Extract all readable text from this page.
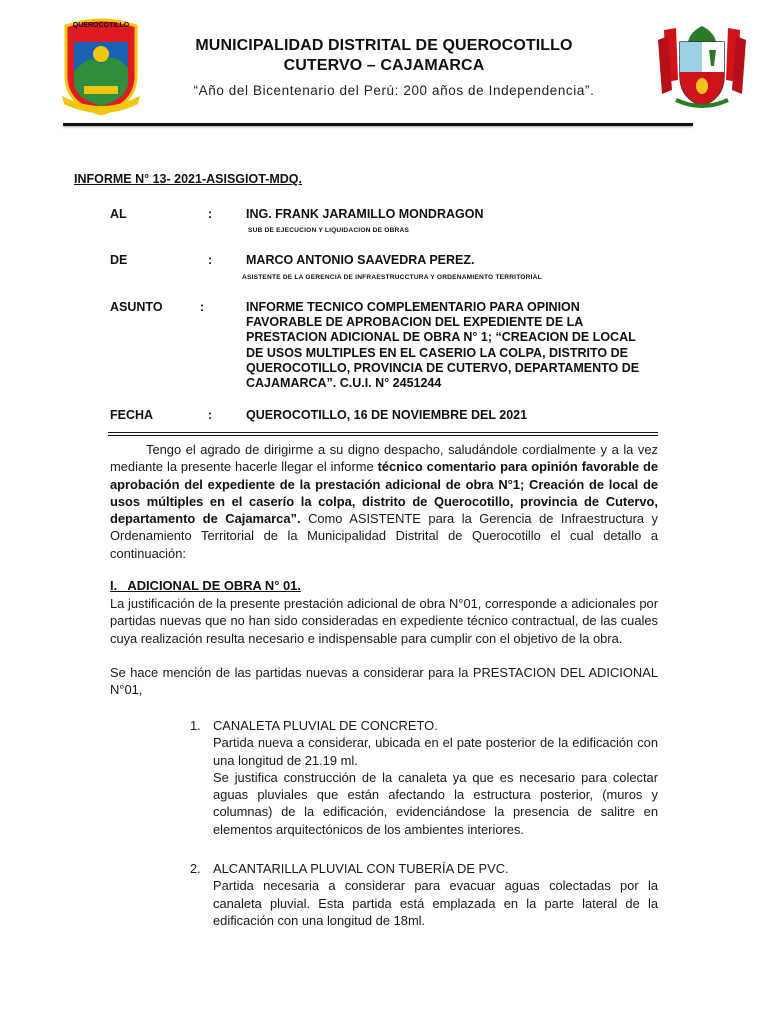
QUEROCOTILLO
MUNICIPALIDAD DISTRITAL DE QUEROCOTILLO
CUTERVO – CAJAMARCA
“Año del Bicentenario del Perú: 200 años de Independencia”.
INFORME N° 13- 2021-ASISGIOT-MDQ.
AL	:	ING. FRANK JARAMILLO MONDRAGON
SUB DE EJECUCION Y LIQUIDACION DE OBRAS
DE	:	MARCO ANTONIO SAAVEDRA PEREZ.
ASISTENTE DE LA GERENCIA DE INFRAESTRUCCTURA Y ORDENAMIENTO TERRITORIAL
ASUNTO	:	INFORME TECNICO COMPLEMENTARIO PARA OPINION FAVORABLE DE APROBACION DEL EXPEDIENTE DE LA PRESTACION ADICIONAL DE OBRA N° 1; “CREACION DE LOCAL DE USOS MULTIPLES EN EL CASERIO LA COLPA, DISTRITO DE QUEROCOTILLO, PROVINCIA DE CUTERVO, DEPARTAMENTO DE CAJAMARCA”. C.U.I. N° 2451244
FECHA	:	QUEROCOTILLO, 16 DE NOVIEMBRE DEL 2021
Tengo el agrado de dirigirme a su digno despacho, saludándole cordialmente y a la vez mediante la presente hacerle llegar el informe técnico comentario para opinión favorable de aprobación del expediente de la prestación adicional de obra N°1; Creación de local de usos múltiples en el caserío la colpa, distrito de Querocotillo, provincia de Cutervo, departamento de Cajamarca”. Como ASISTENTE para la Gerencia de Infraestructura y Ordenamiento Territorial de la Municipalidad Distrital de Querocotillo el cual detallo a continuación:
I.   ADICIONAL DE OBRA N° 01.
La justificación de la presente prestación adicional de obra N°01, corresponde a adicionales por partidas nuevas que no han sido consideradas en expediente técnico contractual, de las cuales cuya realización resulta necesario e indispensable para cumplir con el objetivo de la obra.
Se hace mención de las partidas nuevas a considerar para la PRESTACION DEL ADICIONAL N°01,
1. CANALETA PLUVIAL DE CONCRETO.
Partida nueva a considerar, ubicada en el pate posterior de la edificación con una longitud de 21.19 ml.
Se justifica construcción de la canaleta ya que es necesario para colectar aguas pluviales que están afectando la estructura posterior, (muros y columnas) de la edificación, evidenciándose la presencia de salitre en elementos arquitectónicos de los ambientes interiores.
2. ALCANTARILLA PLUVIAL CON TUBERÍA DE PVC.
Partida necesaria a considerar para evacuar aguas colectadas por la canaleta pluvial. Esta partida está emplazada en la parte lateral de la edificación con una longitud de 18ml.
